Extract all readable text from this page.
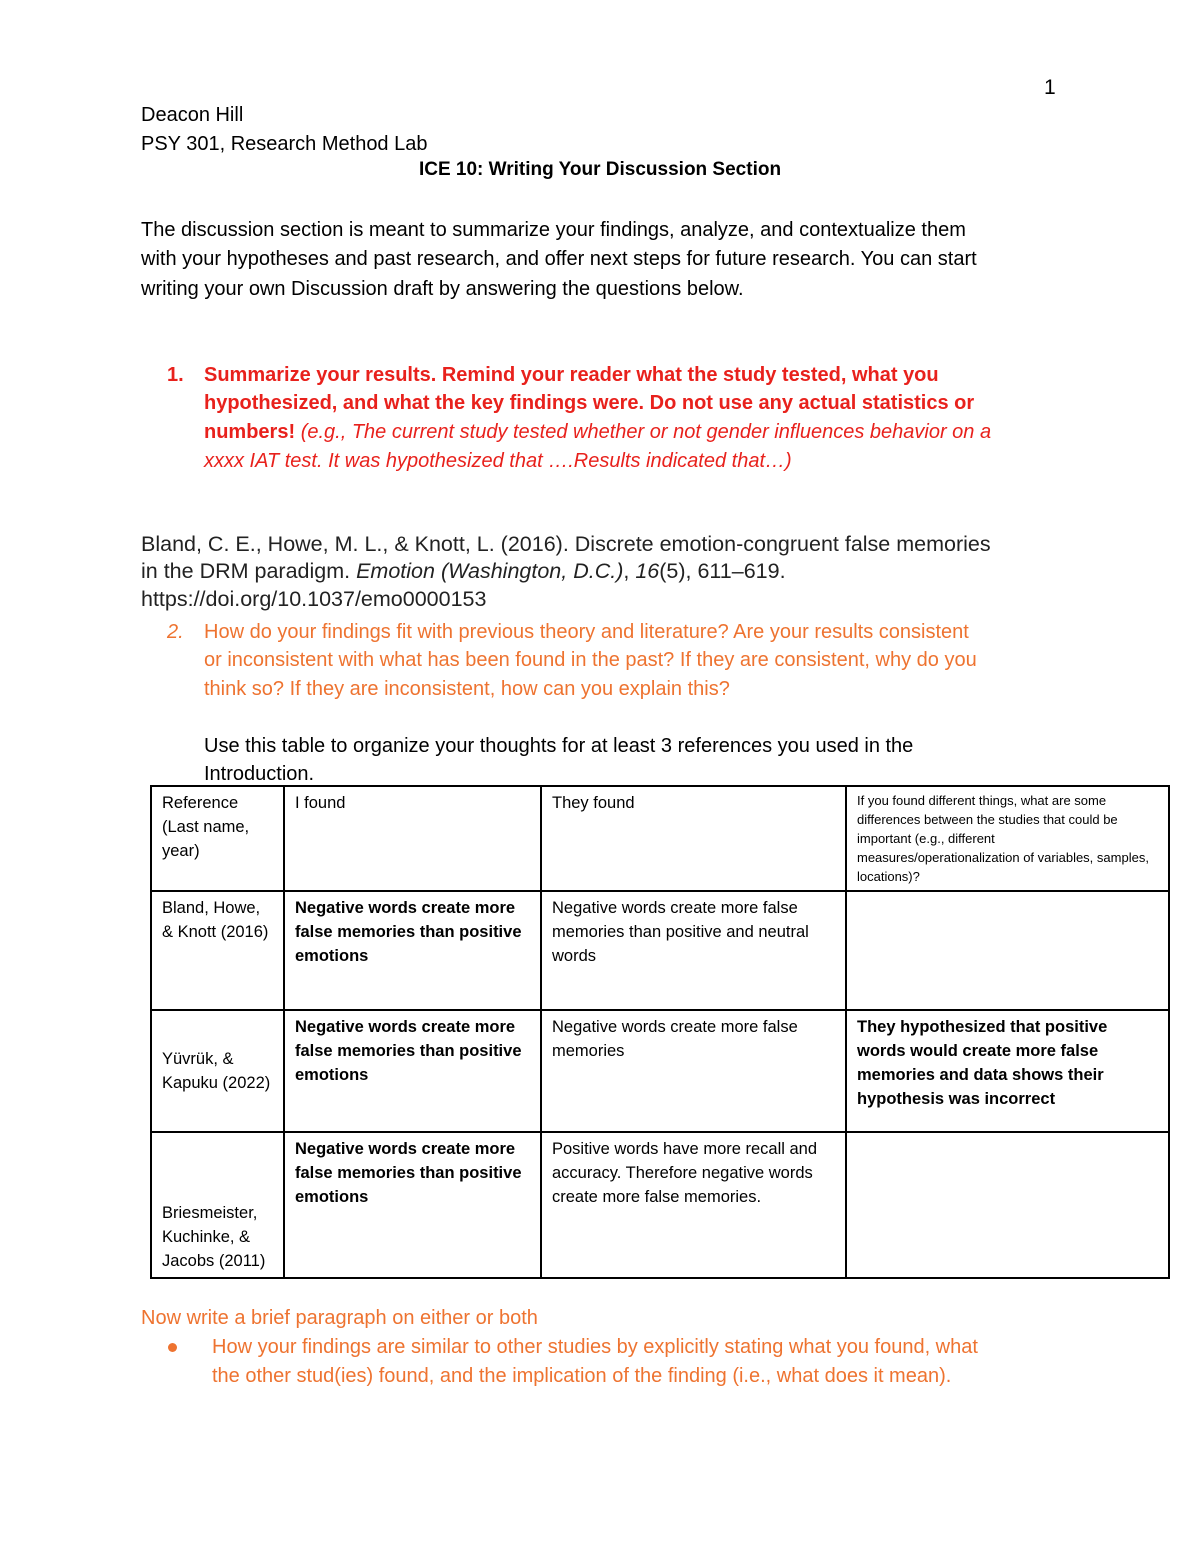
1
Deacon Hill
PSY 301, Research Method Lab
ICE 10: Writing Your Discussion Section
The discussion section is meant to summarize your findings, analyze, and contextualize them
with your hypotheses and past research, and offer next steps for future research. You can start
writing your own Discussion draft by answering the questions below.
1. Summarize your results. Remind your reader what the study tested, what you
hypothesized, and what the key findings were. Do not use any actual statistics or
numbers! (e.g., The current study tested whether or not gender influences behavior on a
xxxx IAT test. It was hypothesized that ….Results indicated that…)
Bland, C. E., Howe, M. L., & Knott, L. (2016). Discrete emotion-congruent false memories
in the DRM paradigm. Emotion (Washington, D.C.), 16(5), 611–619.
https://doi.org/10.1037/emo0000153
2. How do your findings fit with previous theory and literature? Are your results consistent
or inconsistent with what has been found in the past? If they are consistent, why do you
think so? If they are inconsistent, how can you explain this?
Use this table to organize your thoughts for at least 3 references you used in the
Introduction.
Reference (Last name, year)	I found	They found	If you found different things, what are some differences between the studies that could be important (e.g., different measures/operationalization of variables, samples, locations)?
Bland, Howe, & Knott (2016)	Negative words create more false memories than positive emotions	Negative words create more false memories than positive and neutral words	
Yüvrük, & Kapuku (2022)	Negative words create more false memories than positive emotions	Negative words create more false memories	They hypothesized that positive words would create more false memories and data shows their hypothesis was incorrect
Briesmeister, Kuchinke, & Jacobs (2011)	Negative words create more false memories than positive emotions	Positive words have more recall and accuracy. Therefore negative words create more false memories.	
Now write a brief paragraph on either or both
How your findings are similar to other studies by explicitly stating what you found, what
the other stud(ies) found, and the implication of the finding (i.e., what does it mean).
